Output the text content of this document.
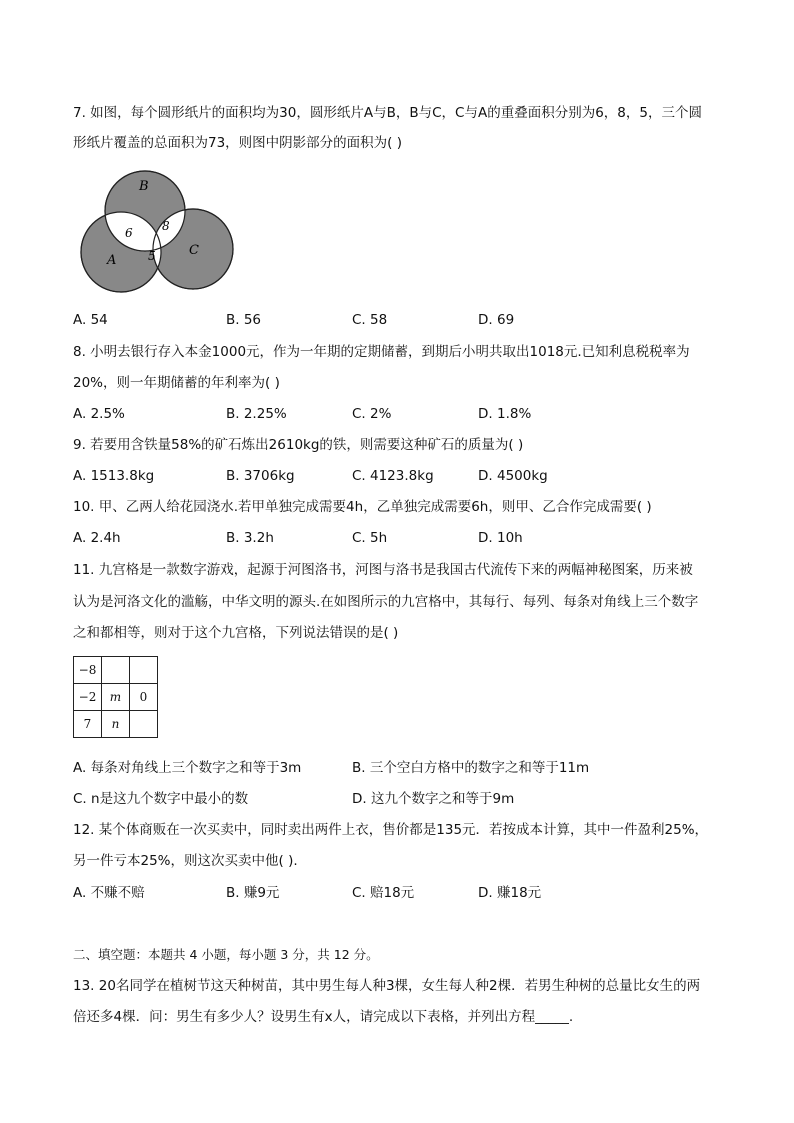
7. 如图，每个圆形纸片的面积均为30，圆形纸片A与B，B与C，C与A的重叠面积分别为6，8，5，三个圆
形纸片覆盖的总面积为73，则图中阴影部分的面积为( )
B
A
C
6 8
5
A. 54	B. 56	C. 58	D. 69
8. 小明去银行存入本金1000元，作为一年期的定期储蓄，到期后小明共取出1018元.已知利息税税率为
20%，则一年期储蓄的年利率为( )
A. 2.5%	B. 2.25%	C. 2%	D. 1.8%
9. 若要用含铁量58%的矿石炼出2610kg的铁，则需要这种矿石的质量为( )
A. 1513.8kg	B. 3706kg	C. 4123.8kg	D. 4500kg
10. 甲、乙两人给花园浇水.若甲单独完成需要4h，乙单独完成需要6h，则甲、乙合作完成需要( )
A. 2.4h	B. 3.2h	C. 5h	D. 10h
11. 九宫格是一款数字游戏，起源于河图洛书，河图与洛书是我国古代流传下来的两幅神秘图案，历来被
认为是河洛文化的滥觞，中华文明的源头.在如图所示的九宫格中，其每行、每列、每条对角线上三个数字
之和都相等，则对于这个九宫格，下列说法错误的是( )
−8		
−2	m	0
7	n	
A. 每条对角线上三个数字之和等于3m	B. 三个空白方格中的数字之和等于11m
C. n是这九个数字中最小的数	D. 这九个数字之和等于9m
12. 某个体商贩在一次买卖中，同时卖出两件上衣，售价都是135元．若按成本计算，其中一件盈利25%，
另一件亏本25%，则这次买卖中他( ).
A. 不赚不赔	B. 赚9元	C. 赔18元	D. 赚18元
二、填空题：本题共 4 小题，每小题 3 分，共 12 分。
13. 20名同学在植树节这天种树苗，其中男生每人种3棵，女生每人种2棵．若男生种树的总量比女生的两
倍还多4棵．问：男生有多少人？设男生有x人，请完成以下表格，并列出方程_____.
